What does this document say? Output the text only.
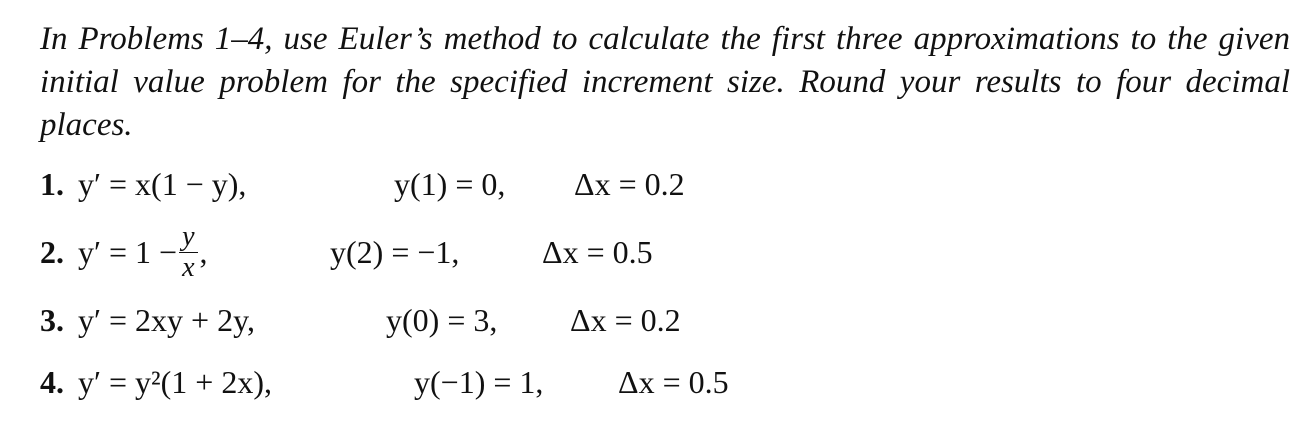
In Problems 1–4, use Euler’s method to calculate the first three approximations to the given initial value problem for the specified increment size. Round your results to four decimal places.
1. y′ = x(1 − y),	y(1) = 0,	Δx = 0.2
2. $y' = 1 - \frac{y}{x}$ ,	y(2) = −1,	Δx = 0.5
3. y′ = 2xy + 2y,	y(0) = 3,	Δx = 0.2
4. y′ = y²(1 + 2x),	y(−1) = 1,	Δx = 0.5
